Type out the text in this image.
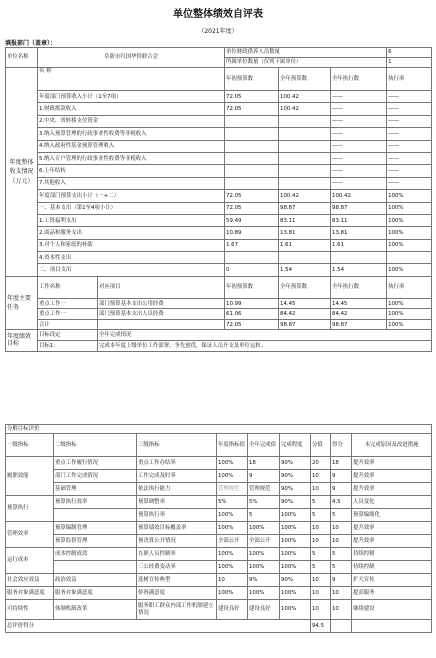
单位整体绩效自评表
（2021年度）
填报部门（盖章）：
单位名称	阜新市归国华侨联合会		单位财政供养人员数量			6
			所属单位数量（仅列下属单位）			1
年度整体收支情况（万元）	名 称		年初预算数	全年预算数	全年执行数	执行率
	年度部门预算收入小计（1至7项）		72.05	100.42	——	——
	1.财政拨款收入		72.05	100.42	——	——
	2.中央、省转移支付资金				——	——
	3.纳入预算管理的行政事业性收费等非税收入				——	——
	4.纳入政府性基金预算管理收入				——	——
	5.纳入专户管理的行政事业性收费等非税收入				——	——
	6.上年结转				——	——
	7.其他收入				——	——
	年度部门预算支出小计（一+二）		72.05	100.42	100.42	100%
	一、基本支出（第1至4项小计）		72.05	98.87	98.87	100%
	1.工资福利支出		59.49	83.11	83.11	100%
	2.商品和服务支出		10.89	13.81	13.81	100%
	3.对个人和家庭的补助		1.67	1.61	1.61	100%
	4.资本性支出					
	二、项目支出		0	1.54	1.54	100%
年度主要任务	工作名称	对应项目	年初预算数	全年预算数	全年执行数	执行率
	重点工作一	部门预算基本支出公用经费	10.99	14.45	14.45	100%
	重点工作一	部门预算基本支出人员经费	61.06	84.42	84.42	100%
	合计		72.05	98.87	98.87	100%
年度绩效目标	目标设定	全年完成情况				
	目标1：	完成本年度上级单位工作部署，争先创优，保证人员开支及单位运转。				
分解目标评价								
一级指标	二级指标	三级指标	年度指标值	全年完成值	完成程度	分值	得分	未完成原因及改进措施
履职效能	重点工作履行情况	重点工作办结率	100%	18	90%	20	18	提升效率
	部门工作完成情况	工作完成及时率	100%	9	90%	10	9	提升效率
	基础管理	依法执行能力	管理规范	管理规范	90%	10	9	提升效率
预算执行	预算执行效率	预算调整率	5%	5%	90%	5	4.5	人员变化
		预算执行率	100%	5	100%	5	5	预算编细化
管理效率	预算编制管理	预算绩效目标覆盖率	100%	100%	100%	10	10	提升效率
	预算监督管理	预决算公开情况	全部公开	全部公开	100%	10	10	提升效率
运行成本	成本控制成效	在职人员控制率	100%	100%	100%	5	5	持续控制
		三公经费变动率	100%	100%	100%	5	5	持续控制
社会效应效益	政治效益	选树宣传典型	10	9%	90%	10	9	扩大宣传
服务对象满意度	服务对象满意度	侨眷满意度	100%	100%	100%	10	10	提高服务
可持续性	体制机制改革	服务职工群众内部工作机制建立情况	建设良好	建设良好	100%	10	10	继续建设
总评价得分						94.5		
